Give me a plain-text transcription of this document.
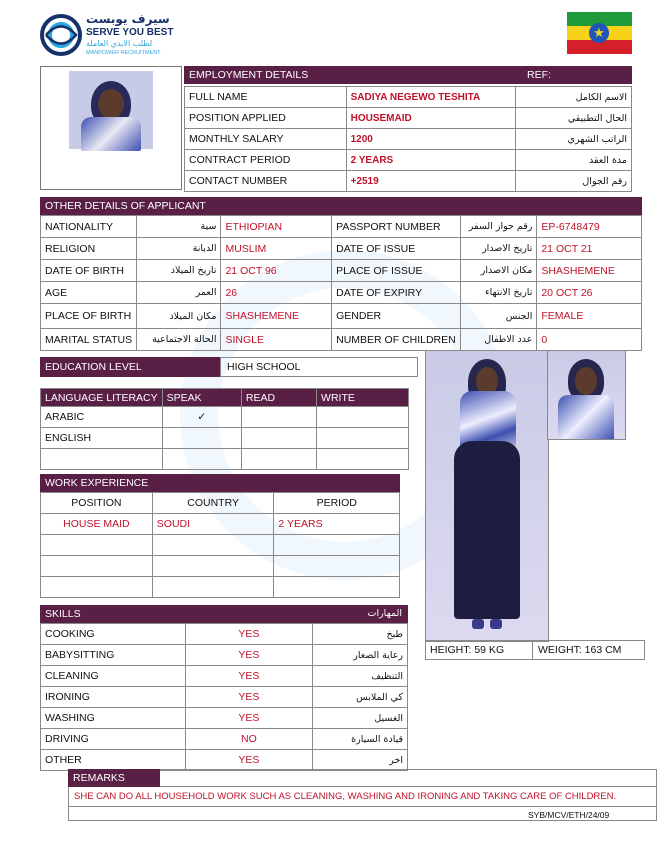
سيرف يوبست
SERVE YOU BEST
لطلب الايدي العاملة
MANPOWER RECRUITMENT
★
EMPLOYMENT DETAILS	REF:
FULL NAME	SADIYA NEGEWO TESHITA	الاسم الكامل
POSITION APPLIED	HOUSEMAID	الحال التطبيقي
MONTHLY SALARY	1200	الراتب الشهري
CONTRACT PERIOD	2 YEARS	مدة العقد
CONTACT NUMBER	+2519	رقم الجوال
OTHER DETAILS OF APPLICANT
NATIONALITY	سية	ETHIOPIAN	PASSPORT NUMBER	رقم جواز السفر	EP-6748479
RELIGION	الديانة	MUSLIM	DATE OF ISSUE	تاريخ الاصدار	21 OCT 21
DATE OF BIRTH	تاريخ الميلاد	21 OCT 96	PLACE OF ISSUE	مكان الاصدار	SHASHEMENE
AGE	العمر	26	DATE OF EXPIRY	تاريخ الانتهاء	20 OCT 26
PLACE OF BIRTH	مكان الميلاد	SHASHEMENE	GENDER	الجنس	FEMALE
MARITAL STATUS	الحالة الاجتماعية	SINGLE	NUMBER OF CHILDREN	عدد الاطفال	0
EDUCATION LEVEL	HIGH SCHOOL
LANGUAGE LITERACY	SPEAK	READ	WRITE
ARABIC	✓		
ENGLISH			

WORK EXPERIENCE
POSITION	COUNTRY	PERIOD
HOUSE MAID	SOUDI	2 YEARS

SKILLS	المهارات
COOKING	YES	طبخ
BABYSITTING	YES	رعاية الصغار
CLEANING	YES	التنظيف
IRONING	YES	كي الملابس
WASHING	YES	الغسيل
DRIVING	NO	قيادة السيارة
OTHER	YES	اخر
HEIGHT: 59 KG	WEIGHT: 163 CM
REMARKS
SHE CAN DO ALL HOUSEHOLD WORK SUCH AS CLEANING, WASHING AND IRONING AND TAKING CARE OF CHILDREN.
SYB/MCV/ETH/24/09
